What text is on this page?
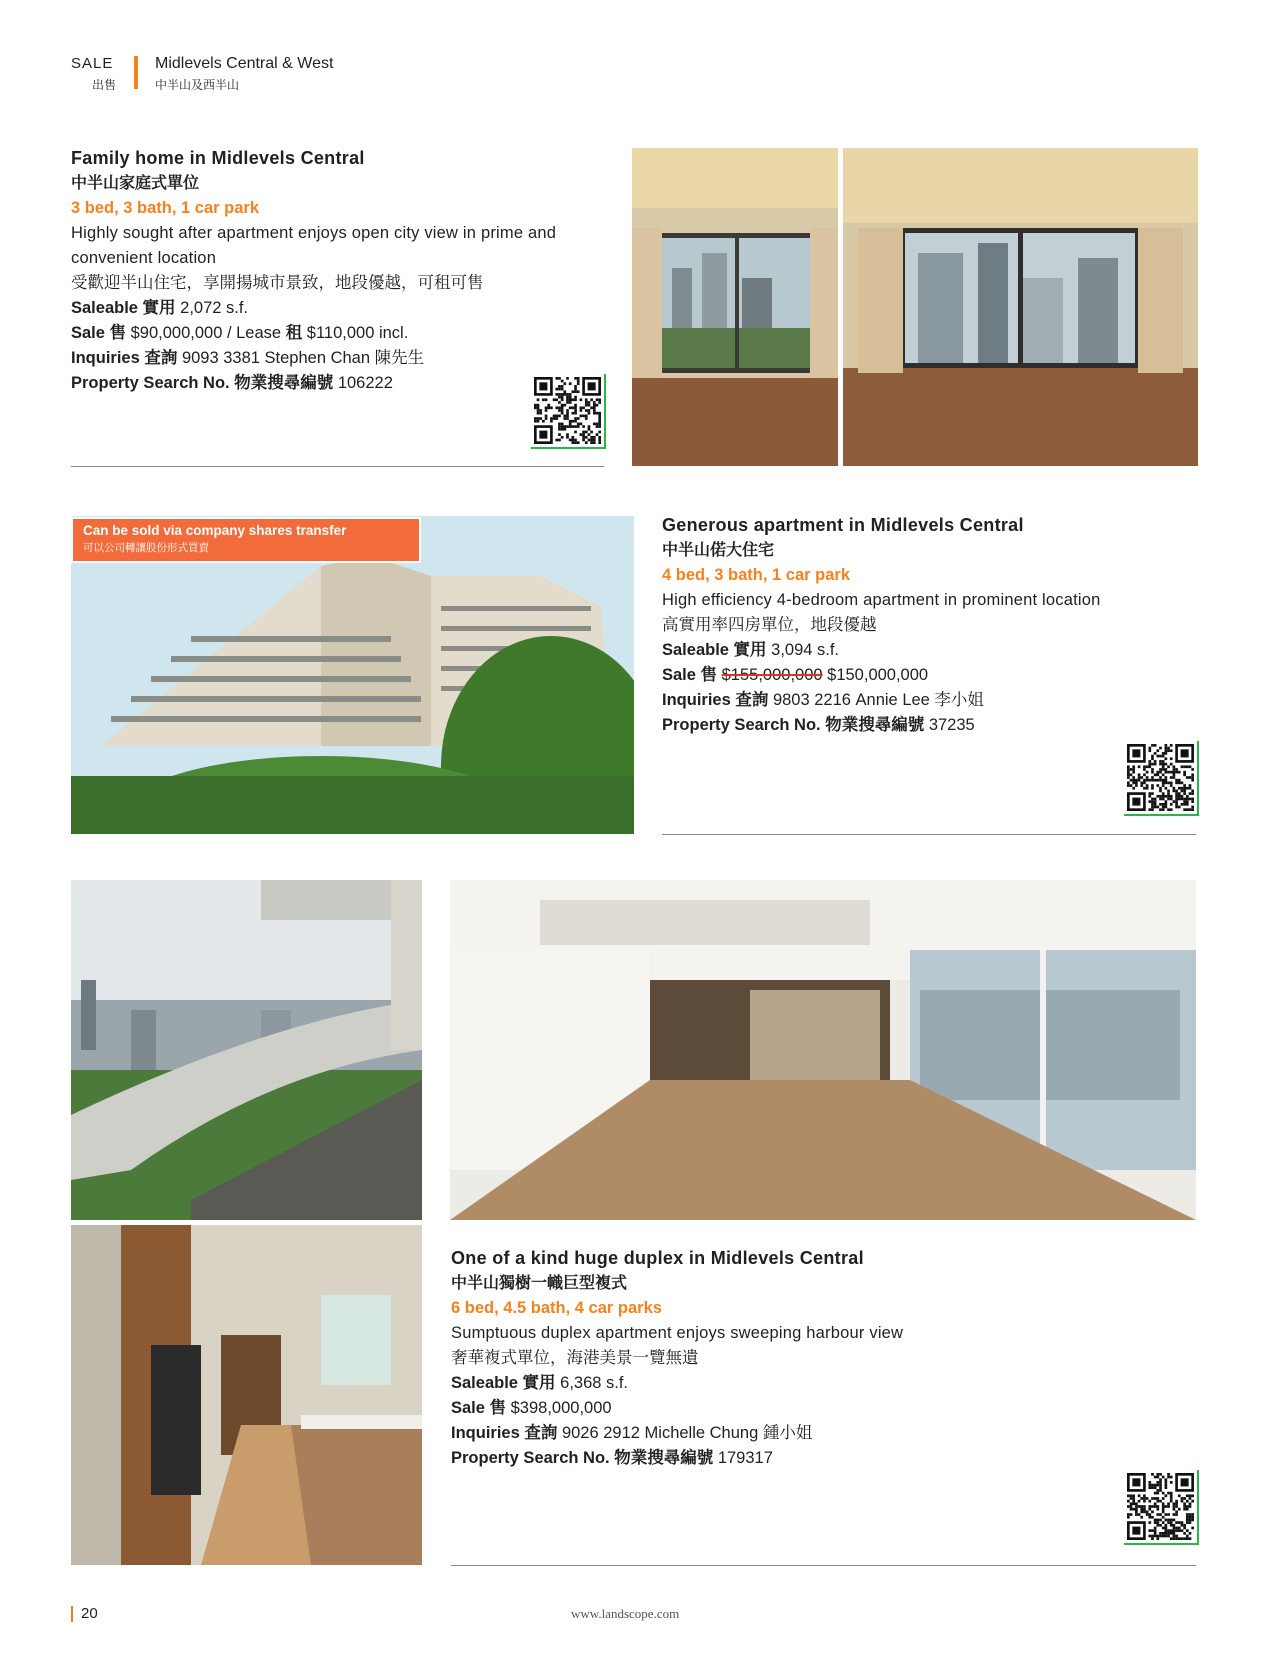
SALE
出售
Midlevels Central & West
中半山及西半山
Family home in Midlevels Central
中半山家庭式單位
3 bed, 3 bath, 1 car park
Highly sought after apartment enjoys open city view in prime and convenient location
受歡迎半山住宅，享開揚城市景致，地段優越，可租可售
Saleable 實用 2,072 s.f.
Sale 售 $90,000,000 / Lease 租 $110,000 incl.
Inquiries 查詢 9093 3381 Stephen Chan 陳先生
Property Search No. 物業搜尋編號 106222
Can be sold via company shares transfer
可以公司轉讓股份形式買賣
Generous apartment in Midlevels Central
中半山偌大住宅
4 bed, 3 bath, 1 car park
High efficiency 4-bedroom apartment in prominent location
高實用率四房單位，地段優越
Saleable 實用 3,094 s.f.
Sale 售 $155,000,000 $150,000,000
Inquiries 查詢 9803 2216 Annie Lee 李小姐
Property Search No. 物業搜尋編號 37235
One of a kind huge duplex in Midlevels Central
中半山獨樹一幟巨型複式
6 bed, 4.5 bath, 4 car parks
Sumptuous duplex apartment enjoys sweeping harbour view
奢華複式單位，海港美景一覽無遺
Saleable 實用 6,368 s.f.
Sale 售 $398,000,000
Inquiries 查詢 9026 2912 Michelle Chung 鍾小姐
Property Search No. 物業搜尋編號 179317
20	www.landscope.com
